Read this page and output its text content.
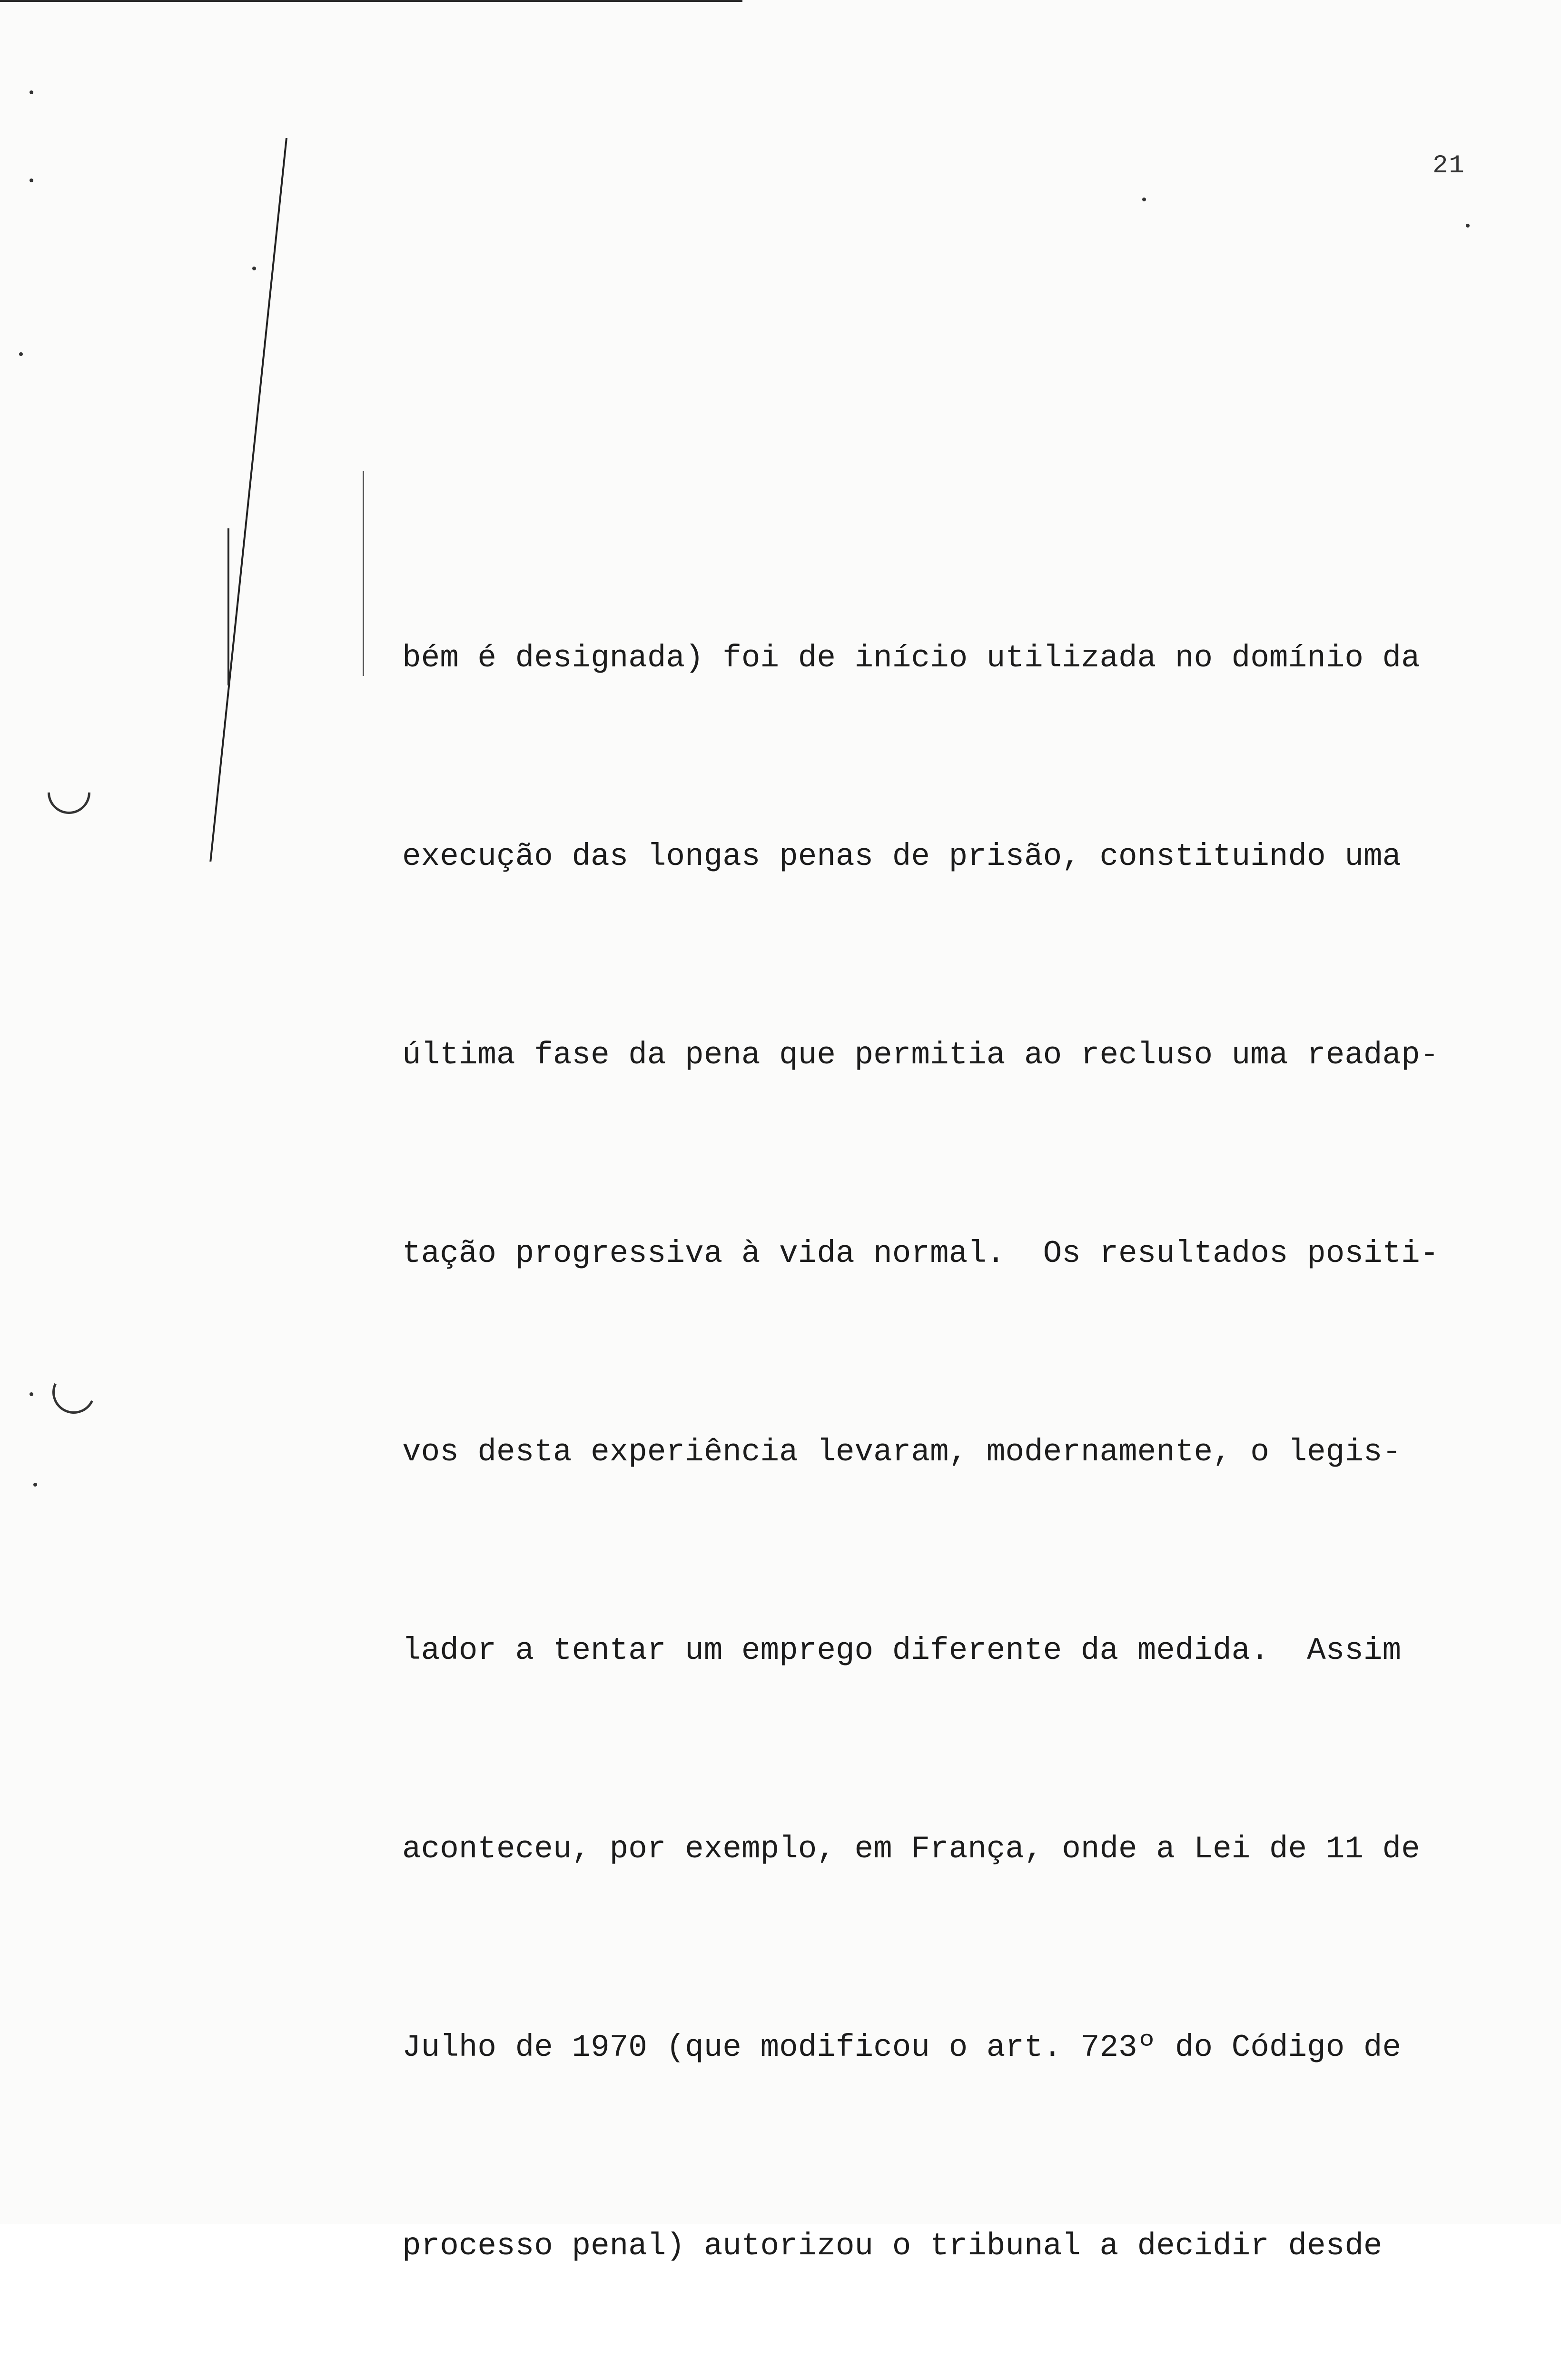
21

bém é designada) foi de início utilizada no domínio da

execução das longas penas de prisão, constituindo uma

última fase da pena que permitia ao recluso uma readap-

tação progressiva à vida normal.  Os resultados positi-

vos desta experiência levaram, modernamente, o legis-

lador a tentar um emprego diferente da medida.  Assim

aconteceu, por exemplo, em França, onde a Lei de 11 de

Julho de 1970 (que modificou o art. 723º do Código de

processo penal) autorizou o tribunal a decidir desde
